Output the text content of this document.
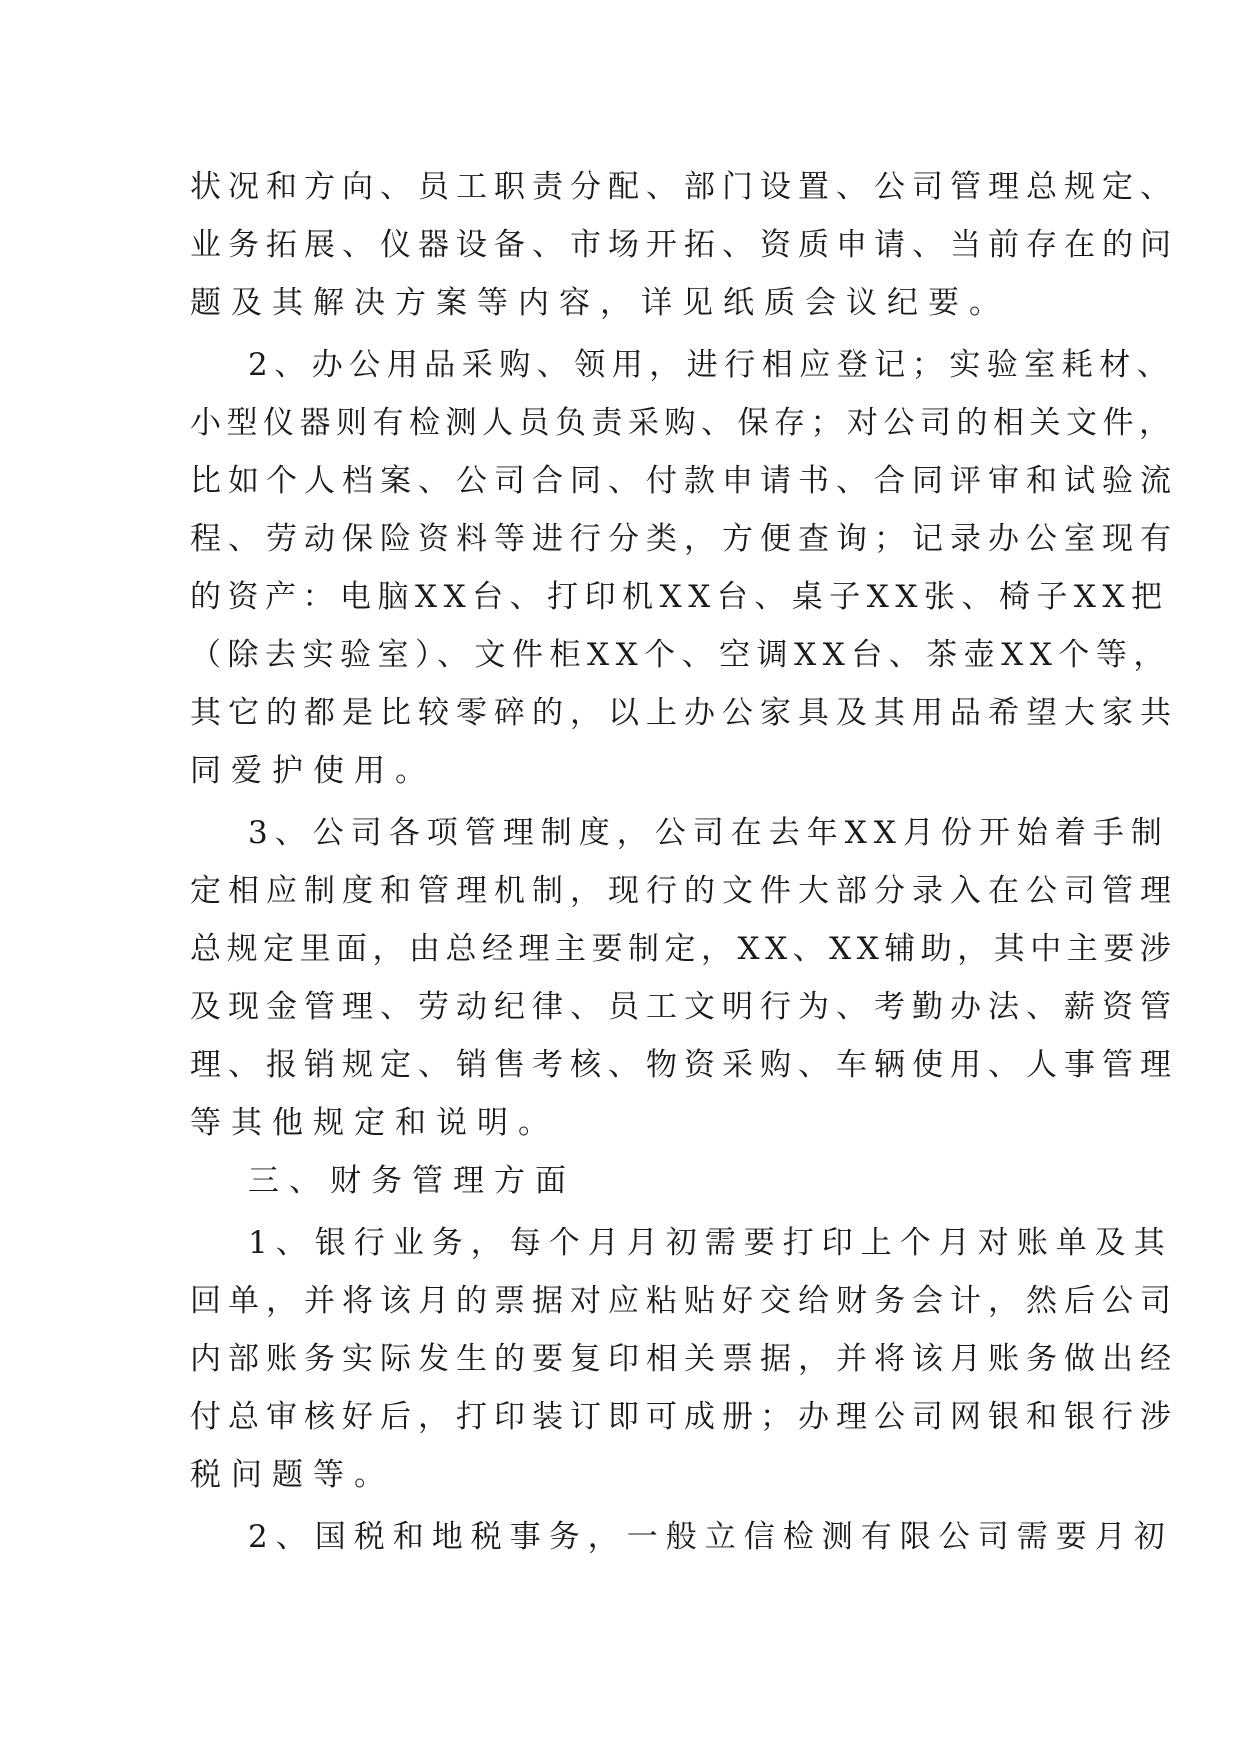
状况和方向、员工职责分配、部门设置、公司管理总规定、
业务拓展、仪器设备、市场开拓、资质申请、当前存在的问
题及其解决方案等内容，详见纸质会议纪要。
2、办公用品采购、领用，进行相应登记；实验室耗材、
小型仪器则有检测人员负责采购、保存；对公司的相关文件，
比如个人档案、公司合同、付款申请书、合同评审和试验流
程、劳动保险资料等进行分类，方便查询；记录办公室现有
的资产：电脑XX台、打印机XX台、桌子XX张、椅子XX把
（除去实验室）、文件柜XX个、空调XX台、茶壶XX个等，
其它的都是比较零碎的，以上办公家具及其用品希望大家共
同爱护使用。
3、公司各项管理制度，公司在去年XX月份开始着手制
定相应制度和管理机制，现行的文件大部分录入在公司管理
总规定里面，由总经理主要制定，XX、XX辅助，其中主要涉
及现金管理、劳动纪律、员工文明行为、考勤办法、薪资管
理、报销规定、销售考核、物资采购、车辆使用、人事管理
等其他规定和说明。
三、财务管理方面
1、银行业务，每个月月初需要打印上个月对账单及其
回单，并将该月的票据对应粘贴好交给财务会计，然后公司
内部账务实际发生的要复印相关票据，并将该月账务做出经
付总审核好后，打印装订即可成册；办理公司网银和银行涉
税问题等。
2、国税和地税事务，一般立信检测有限公司需要月初
